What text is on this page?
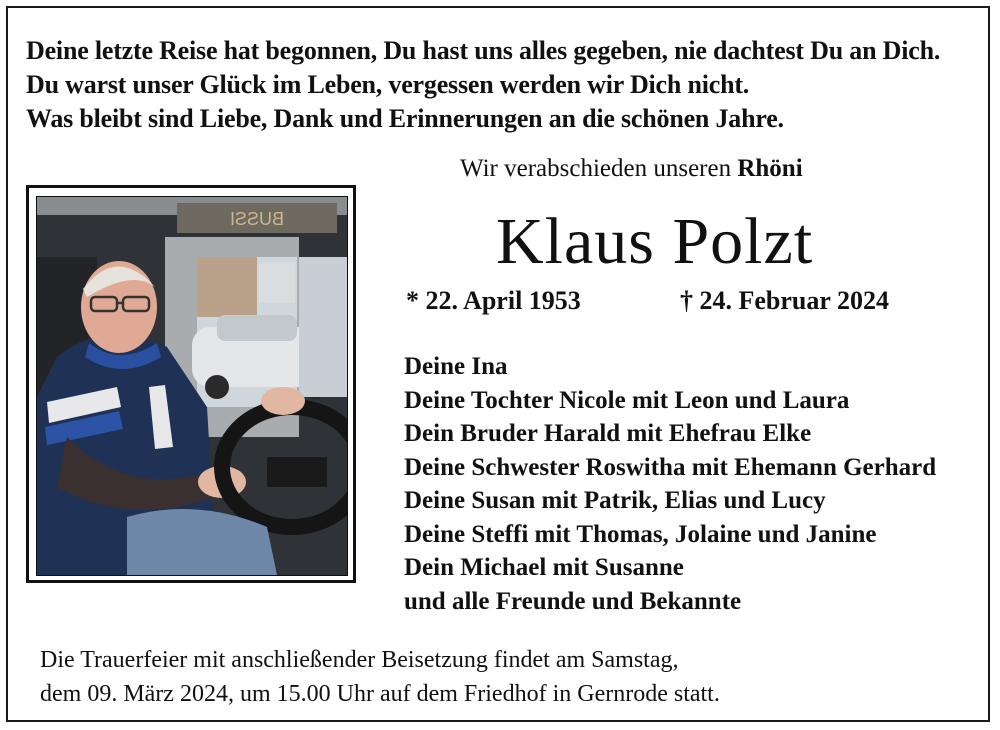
Deine letzte Reise hat begonnen, Du hast uns alles gegeben, nie dachtest Du an Dich.
Du warst unser Glück im Leben, vergessen werden wir Dich nicht.
Was bleibt sind Liebe, Dank und Erinnerungen an die schönen Jahre.
BUSSI
Wir verabschieden unseren Rhöni
Klaus Polzt
* 22. April 1953	† 24. Februar 2024
Deine Ina
Deine Tochter Nicole mit Leon und Laura
Dein Bruder Harald mit Ehefrau Elke
Deine Schwester Roswitha mit Ehemann Gerhard
Deine Susan mit Patrik, Elias und Lucy
Deine Steffi mit Thomas, Jolaine und Janine
Dein Michael mit Susanne
und alle Freunde und Bekannte
Die Trauerfeier mit anschließender Beisetzung findet am Samstag,
dem 09. März 2024, um 15.00 Uhr auf dem Friedhof in Gernrode statt.
